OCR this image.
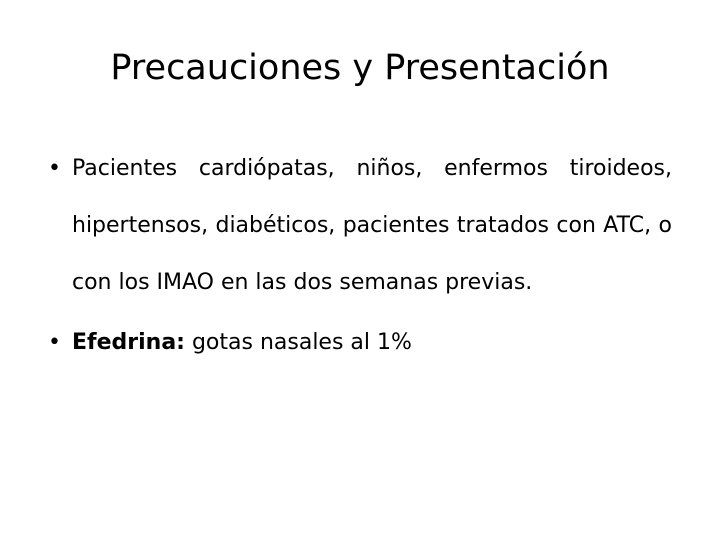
Precauciones y Presentación
• Pacientes cardiópatas, niños, enfermos tiroideos, hipertensos, diabéticos, pacientes tratados con ATC, o con los IMAO en las dos semanas previas.
• Efedrina: gotas nasales al 1%
